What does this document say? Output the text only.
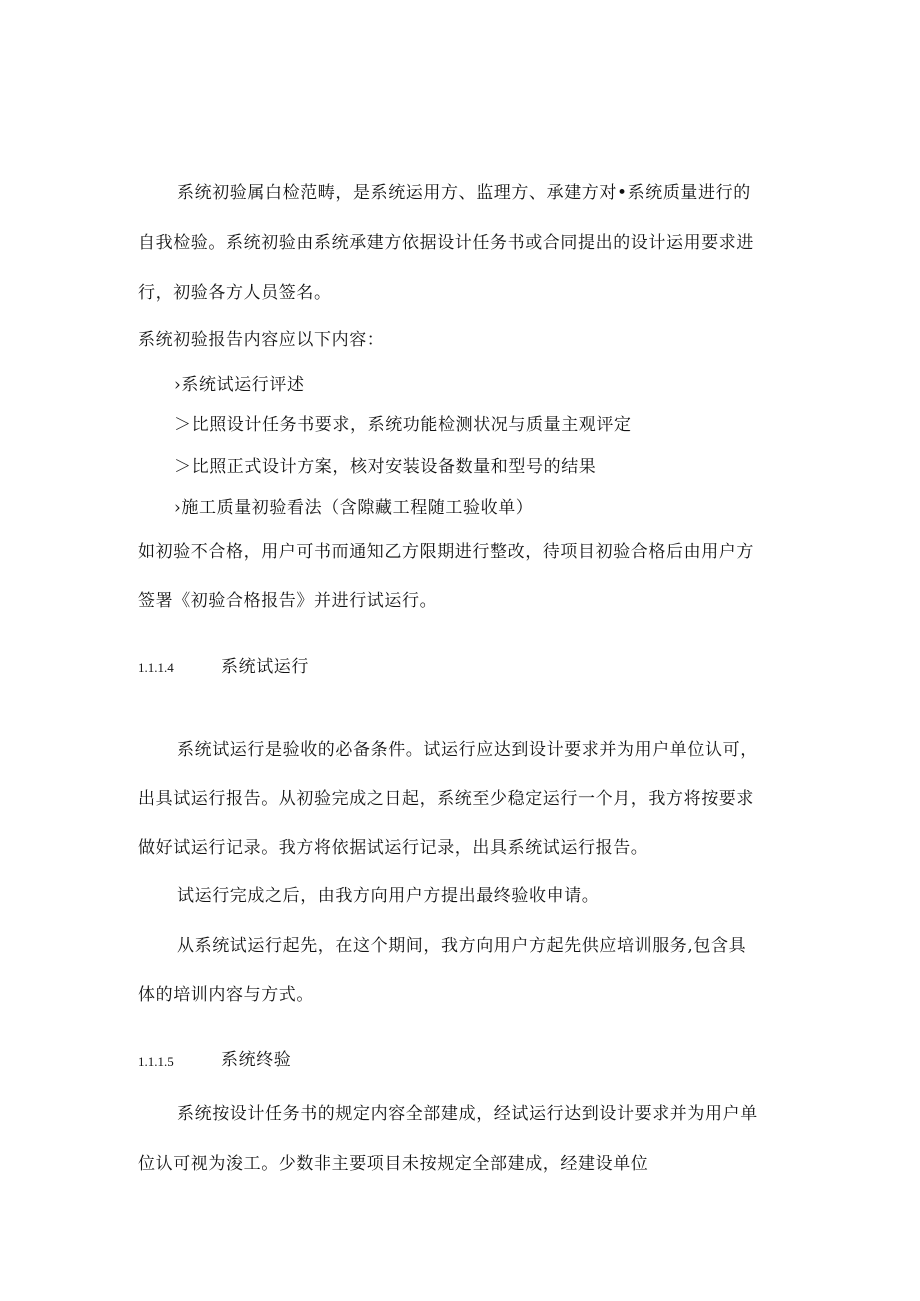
系统初验属白检范畴，是系统运用方、监理方、承建方对•系统质量进行的

自我检验。系统初验由系统承建方依据设计任务书或合同提出的设计运用要求进

行，初验各方人员签名。

系统初验报告内容应以下内容：

›系统试运行评述

＞比照设计任务书要求，系统功能检测状况与质量主观评定

＞比照正式设计方案，核对安装设备数量和型号的结果

›施工质量初验看法（含隙藏工程随工验收单）

如初验不合格，用户可书而通知乙方限期进行整改，待项目初验合格后由用户方

签署《初验合格报告》并进行试运行。

1.1.1.4	系统试运行

系统试运行是验收的必备条件。试运行应达到设计要求并为用户单位认可，

出具试运行报告。从初验完成之日起，系统至少稳定运行一个月，我方将按要求

做好试运行记录。我方将依据试运行记录，出具系统试运行报告。

试运行完成之后，由我方向用户方提出最终验收申请。

从系统试运行起先，在这个期间，我方向用户方起先供应培训服务,包含具

体的培训内容与方式。

1.1.1.5	系统终验

系统按设计任务书的规定内容全部建成，经试运行达到设计要求并为用户单

位认可视为浚工。少数非主要项目未按规定全部建成，经建设单位
